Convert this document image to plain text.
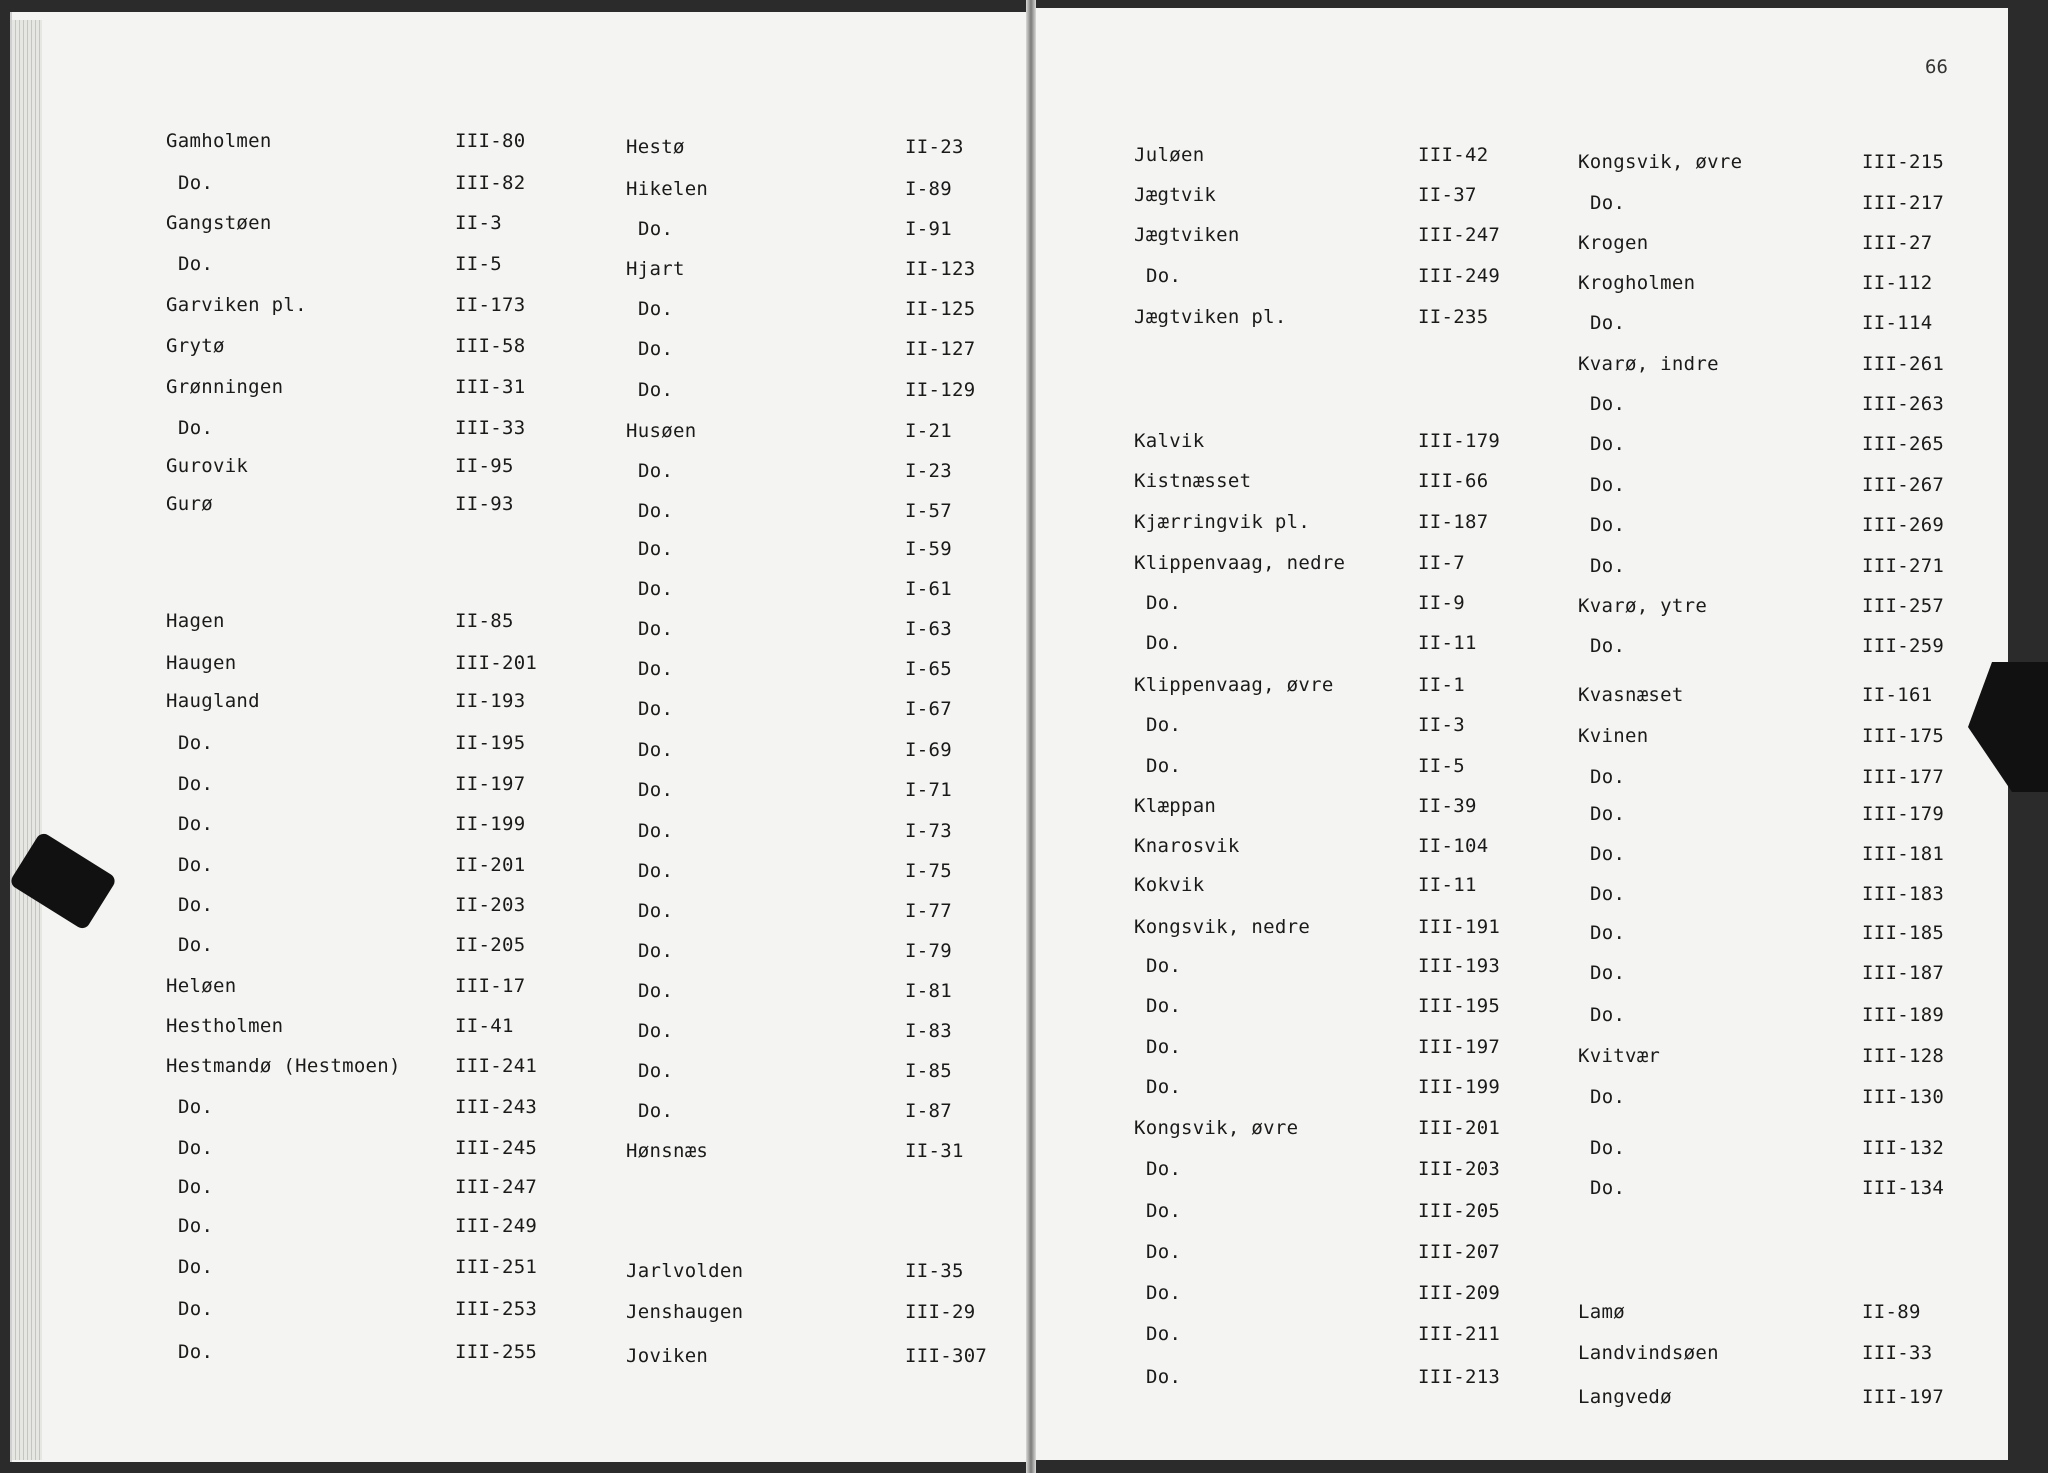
66
Gamholmen	III-80
Do.	III-82
Gangstøen	II-3
Do.	II-5
Garviken pl.	II-173
Grytø	III-58
Grønningen	III-31
Do.	III-33
Gurovik	II-95
Gurø	II-93
Hagen	II-85
Haugen	III-201
Haugland	II-193
Do.	II-195
Do.	II-197
Do.	II-199
Do.	II-201
Do.	II-203
Do.	II-205
Heløen	III-17
Hestholmen	II-41
Hestmandø (Hestmoen)	III-241
Do.	III-243
Do.	III-245
Do.	III-247
Do.	III-249
Do.	III-251
Do.	III-253
Do.	III-255
Hestø	II-23
Hikelen	I-89
Do.	I-91
Hjart	II-123
Do.	II-125
Do.	II-127
Do.	II-129
Husøen	I-21
Do.	I-23
Do.	I-57
Do.	I-59
Do.	I-61
Do.	I-63
Do.	I-65
Do.	I-67
Do.	I-69
Do.	I-71
Do.	I-73
Do.	I-75
Do.	I-77
Do.	I-79
Do.	I-81
Do.	I-83
Do.	I-85
Do.	I-87
Hønsnæs	II-31
Jarlvolden	II-35
Jenshaugen	III-29
Joviken	III-307
Juløen	III-42
Jægtvik	II-37
Jægtviken	III-247
Do.	III-249
Jægtviken pl.	II-235
Kalvik	III-179
Kistnæsset	III-66
Kjærringvik pl.	II-187
Klippenvaag, nedre	II-7
Do.	II-9
Do.	II-11
Klippenvaag, øvre	II-1
Do.	II-3
Do.	II-5
Klæppan	II-39
Knarosvik	II-104
Kokvik	II-11
Kongsvik, nedre	III-191
Do.	III-193
Do.	III-195
Do.	III-197
Do.	III-199
Kongsvik, øvre	III-201
Do.	III-203
Do.	III-205
Do.	III-207
Do.	III-209
Do.	III-211
Do.	III-213
Kongsvik, øvre	III-215
Do.	III-217
Krogen	III-27
Krogholmen	II-112
Do.	II-114
Kvarø, indre	III-261
Do.	III-263
Do.	III-265
Do.	III-267
Do.	III-269
Do.	III-271
Kvarø, ytre	III-257
Do.	III-259
Kvasnæset	II-161
Kvinen	III-175
Do.	III-177
Do.	III-179
Do.	III-181
Do.	III-183
Do.	III-185
Do.	III-187
Do.	III-189
Kvitvær	III-128
Do.	III-130
Do.	III-132
Do.	III-134
Lamø	II-89
Landvindsøen	III-33
Langvedø	III-197
